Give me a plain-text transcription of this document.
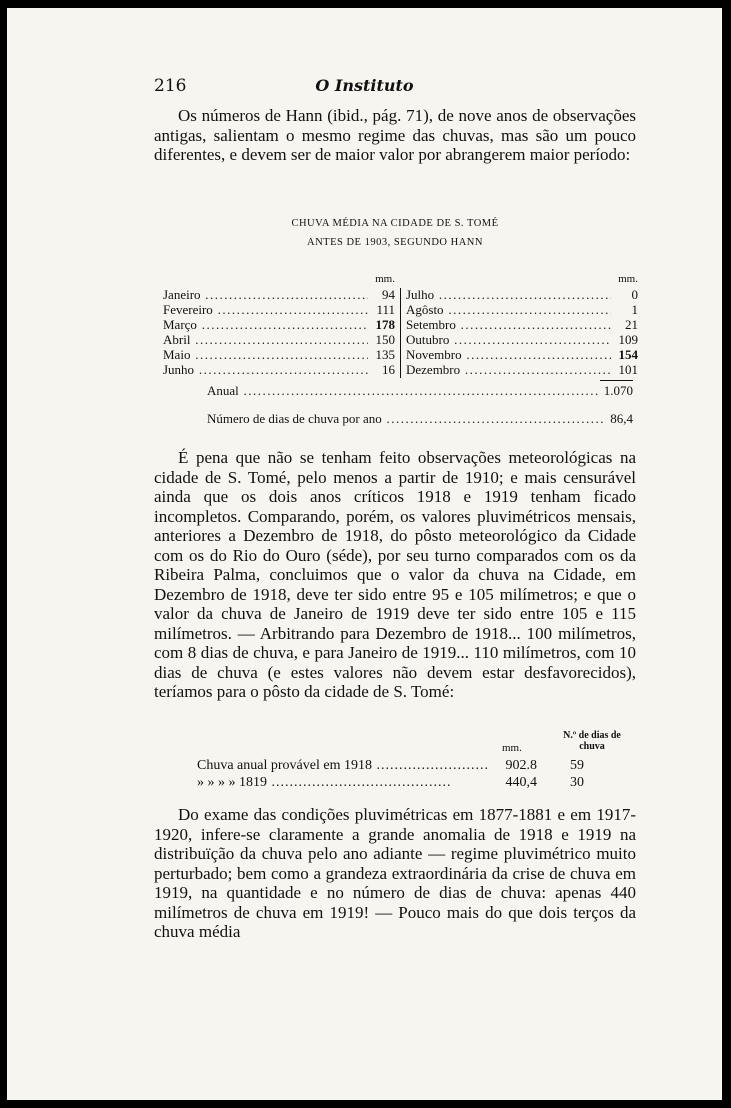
216	O Instituto

Os números de Hann (ibid., pág. 71), de nove anos de observações antigas, salientam o mesmo regime das chuvas, mas são um pouco diferentes, e devem ser de maior valor por abrangerem maior período:

CHUVA MÉDIA NA CIDADE DE S. TOMÉ
ANTES DE 1903, SEGUNDO HANN
mm.
Janeiro .....	94
Fevereiro .....	111
Março .....	178
Abril .....	150
Maio .....	135
Junho .....	16
mm.
Julho .....	0
Agôsto .....	1
Setembro .....	21
Outubro .....	109
Novembro .....	154
Dezembro .....	101
Anual .....	1.070
Número de dias de chuva por ano .....	86,4

É pena que não se tenham feito observações meteorológicas na cidade de S. Tomé, pelo menos a partir de 1910; e mais censurável ainda que os dois anos críticos 1918 e 1919 tenham ficado incompletos. Comparando, porém, os valores pluvimétricos mensais, anteriores a Dezembro de 1918, do pôsto meteorológico da Cidade com os do Rio do Ouro (séde), por seu turno comparados com os da Ribeira Palma, concluimos que o valor da chuva na Cidade, em Dezembro de 1918, deve ter sido entre 95 e 105 milímetros; e que o valor da chuva de Janeiro de 1919 deve ter sido entre 105 e 115 milímetros. — Arbitrando para Dezembro de 1918... 100 milímetros, com 8 dias de chuva, e para Janeiro de 1919... 110 milímetros, com 10 dias de chuva (e estes valores não devem estar desfavorecidos), teríamos para o pôsto da cidade de S. Tomé:

N.º de dias de chuva
mm.
Chuva anual provável em 1918 .....	902.8	59
» » » » 1819 .....	440,4	30

Do exame das condições pluvimétricas em 1877-1881 e em 1917-1920, infere-se claramente a grande anomalia de 1918 e 1919 na distribuïção da chuva pelo ano adiante — regime pluvimétrico muito perturbado; bem como a grandeza extraordinária da crise de chuva em 1919, na quantidade e no número de dias de chuva: apenas 440 milímetros de chuva em 1919! — Pouco mais do que dois terços da chuva média
